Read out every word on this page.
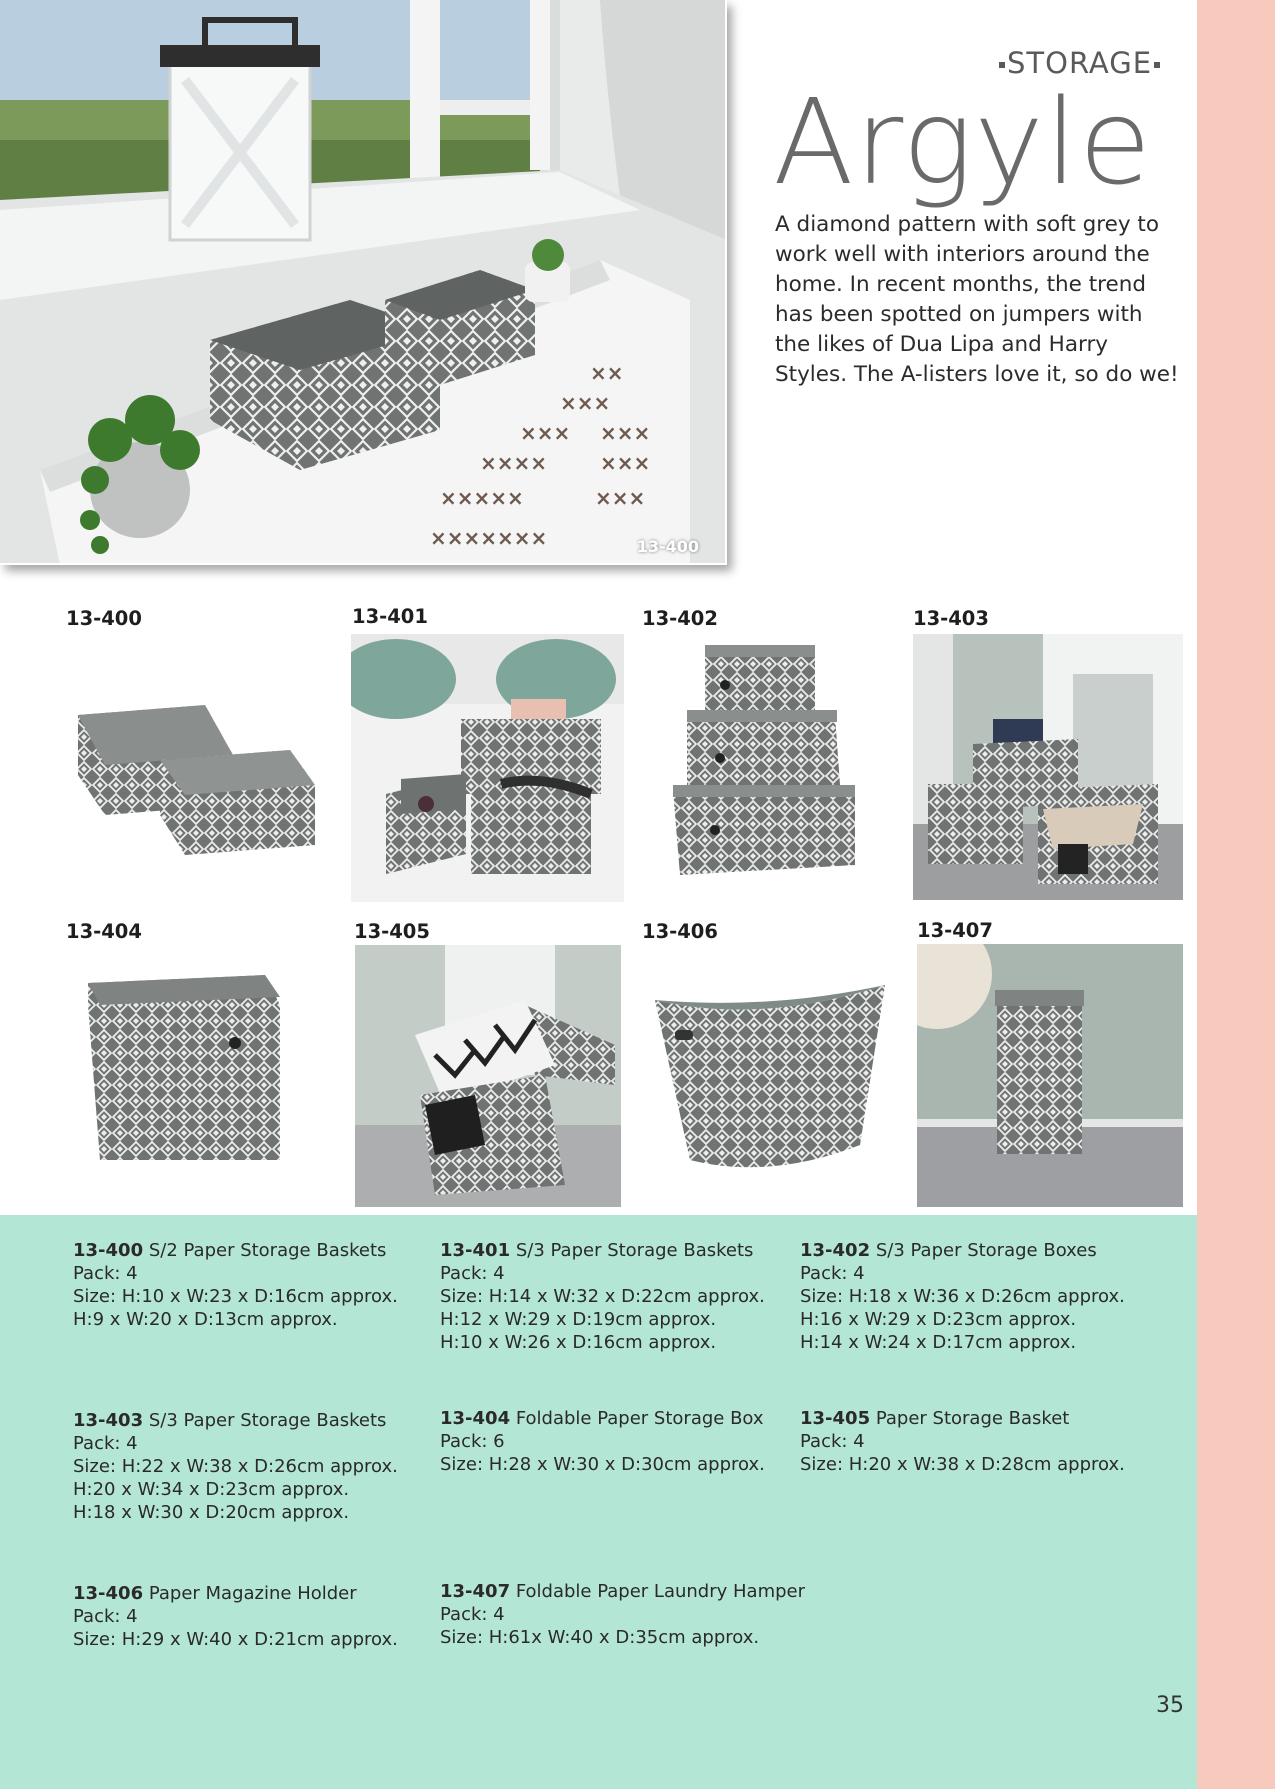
××
×××
×××
××××
×××××
×××××××
×××
×××
×××
13-400
STORAGE
Argyle
A diamond pattern with soft grey to work well with interiors around the home. In recent months, the trend has been spotted on jumpers with the likes of Dua Lipa and Harry Styles. The A-listers love it, so do we!
13-400	13-401	13-402	13-403
13-404	13-405	13-406	13-407
13-400 S/2 Paper Storage Baskets
Pack: 4
Size: H:10 x W:23 x D:16cm approx.
H:9 x W:20 x D:13cm approx.
13-401 S/3 Paper Storage Baskets
Pack: 4
Size: H:14 x W:32 x D:22cm approx.
H:12 x W:29 x D:19cm approx.
H:10 x W:26 x D:16cm approx.
13-402 S/3 Paper Storage Boxes
Pack: 4
Size: H:18 x W:36 x D:26cm approx.
H:16 x W:29 x D:23cm approx.
H:14 x W:24 x D:17cm approx.
13-403 S/3 Paper Storage Baskets
Pack: 4
Size: H:22 x W:38 x D:26cm approx.
H:20 x W:34 x D:23cm approx.
H:18 x W:30 x D:20cm approx.
13-404 Foldable Paper Storage Box
Pack: 6
Size: H:28 x W:30 x D:30cm approx.
13-405 Paper Storage Basket
Pack: 4
Size: H:20 x W:38 x D:28cm approx.
13-406 Paper Magazine Holder
Pack: 4
Size: H:29 x W:40 x D:21cm approx.
13-407 Foldable Paper Laundry Hamper
Pack: 4
Size: H:61x W:40 x D:35cm approx.
35
